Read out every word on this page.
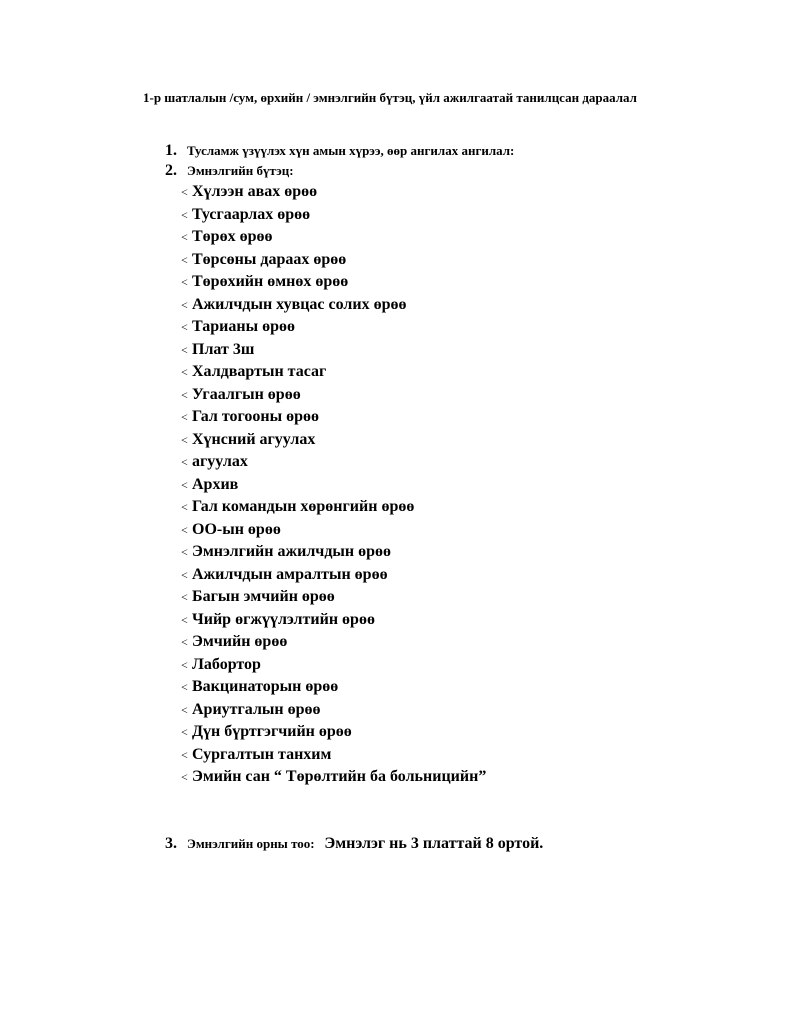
1-р шатлалын /сум, өрхийн / эмнэлгийн бүтэц, үйл ажилгаатай танилцсан дараалал
1. Тусламж үзүүлэх хүн амын хүрээ, өөр ангилах ангилал:
2. Эмнэлгийн бүтэц:
< Хүлээн авах өрөө
< Тусгаарлах өрөө
< Төрөх өрөө
< Төрсөны дараах өрөө
< Төрөхийн өмнөх өрөө
< Ажилчдын хувцас солих өрөө
< Тарианы өрөө
< Плат 3ш
< Халдвартын тасаг
< Угаалгын өрөө
< Гал тогооны өрөө
< Хүнсний агуулах
< агуулах
< Архив
< Гал командын хөрөнгийн өрөө
< ОО-ын өрөө
< Эмнэлгийн ажилчдын өрөө
< Ажилчдын амралтын өрөө
< Багын эмчийн өрөө
< Чийр өгжүүлэлтийн өрөө
< Эмчийн өрөө
< Лабортор
< Вакцинаторын өрөө
< Ариутгалын өрөө
< Дүн бүртгэгчийн өрөө
< Сургалтын танхим
< Эмийн сан “ Төрөлтийн ба больницийн”
3. Эмнэлгийн орны тоо: Эмнэлэг нь 3 платтай 8 ортой.
